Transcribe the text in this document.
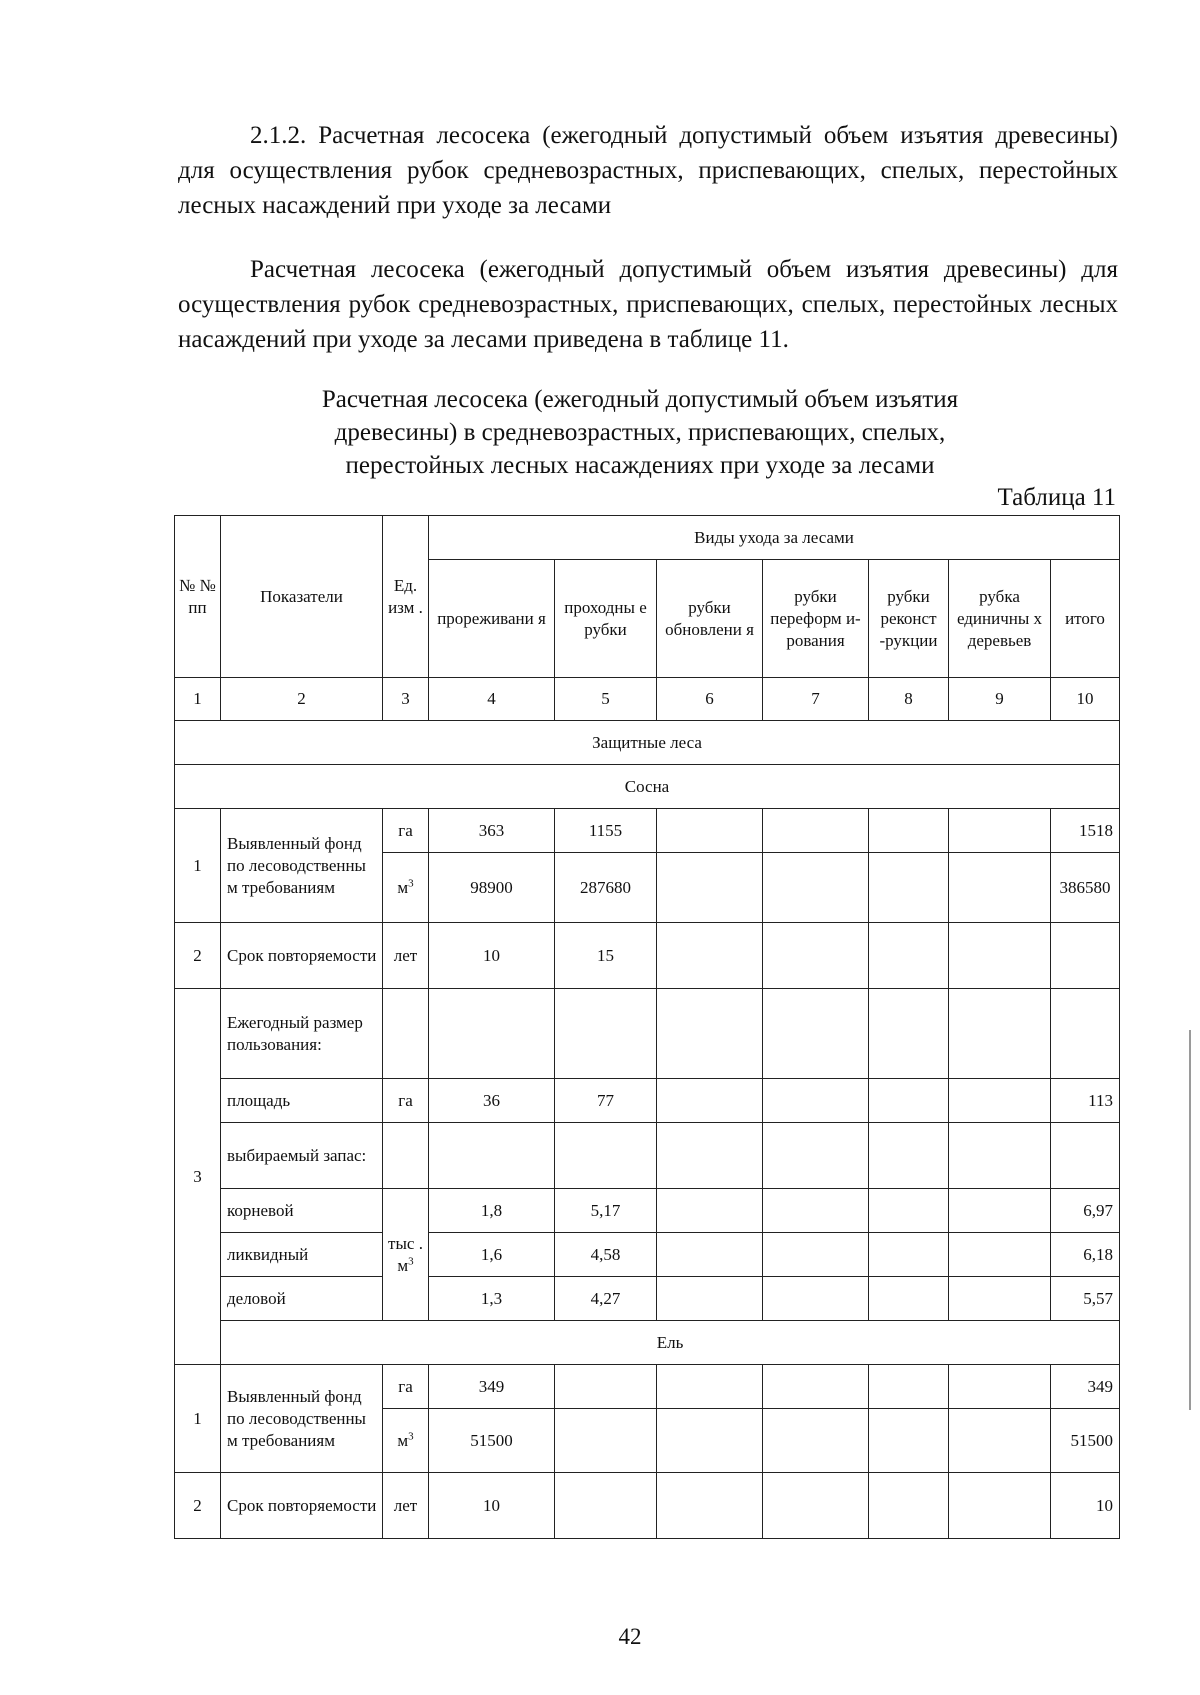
2.1.2. Расчетная лесосека (ежегодный допустимый объем изъятия древесины) для осуществления рубок средневозрастных, приспевающих, спелых, перестойных лесных насаждений при уходе за лесами

Расчетная лесосека (ежегодный допустимый объем изъятия древесины) для осуществления рубок средневозрастных, приспевающих, спелых, перестойных лесных насаждений при уходе за лесами приведена в таблице 11.

Расчетная лесосека (ежегодный допустимый объем изъятия
древесины) в средневозрастных, приспевающих, спелых,
перестойных лесных насаждениях при уходе за лесами
Таблица 11
№ № пп	Показатели	Ед. изм .	Виды ухода за лесами						
			прореживани я	проходны е рубки	рубки обновлени я	рубки переформ и-рования	рубки реконст -рукции	рубка единичны х деревьев	итого
1	2	3	4	5	6	7	8	9	10
Защитные леса									
Сосна									
1	Выявленный фонд по лесоводственны м требованиям	га	363	1155					1518
		$м^3$	98900	287680					386580
2	Срок повторяемости	лет	10	15					
3	Ежегодный размер пользования:								
	площадь	га	36	77					113
	выбираемый запас:								
	корневой	тыс . $м^3$	1,8	5,17					6,97
	ликвидный		1,6	4,58					6,18
	деловой		1,3	4,27					5,57
	Ель								
1	Выявленный фонд по лесоводственны м требованиям	га	349						349
		$м^3$	51500						51500
2	Срок повторяемости	лет	10						10
42
